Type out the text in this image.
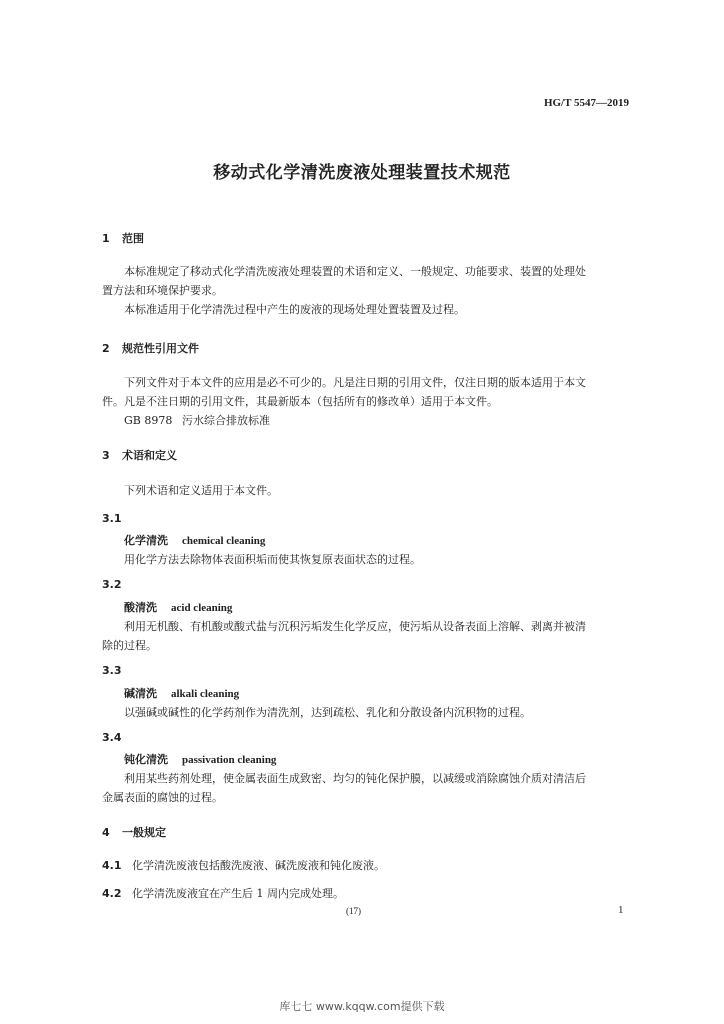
HG/T 5547—2019
移动式化学清洗废液处理装置技术规范
1 范围
本标准规定了移动式化学清洗废液处理装置的术语和定义、一般规定、功能要求、装置的处理处
置方法和环境保护要求。
本标准适用于化学清洗过程中产生的废液的现场处理处置装置及过程。
2 规范性引用文件
下列文件对于本文件的应用是必不可少的。凡是注日期的引用文件，仅注日期的版本适用于本文
件。凡是不注日期的引用文件，其最新版本（包括所有的修改单）适用于本文件。
GB 8978 污水综合排放标准
3 术语和定义
下列术语和定义适用于本文件。
3.1
化学清洗 chemical cleaning
用化学方法去除物体表面积垢而使其恢复原表面状态的过程。
3.2
酸清洗 acid cleaning
利用无机酸、有机酸或酸式盐与沉积污垢发生化学反应，使污垢从设备表面上溶解、剥离并被清
除的过程。
3.3
碱清洗 alkali cleaning
以强碱或碱性的化学药剂作为清洗剂，达到疏松、乳化和分散设备内沉积物的过程。
3.4
钝化清洗 passivation cleaning
利用某些药剂处理，使金属表面生成致密、均匀的钝化保护膜，以减缓或消除腐蚀介质对清洁后
金属表面的腐蚀的过程。
4 一般规定
4.1 化学清洗废液包括酸洗废液、碱洗废液和钝化废液。
4.2 化学清洗废液宜在产生后 1 周内完成处理。
(17)	1
库七七 www.kqqw.com提供下载
